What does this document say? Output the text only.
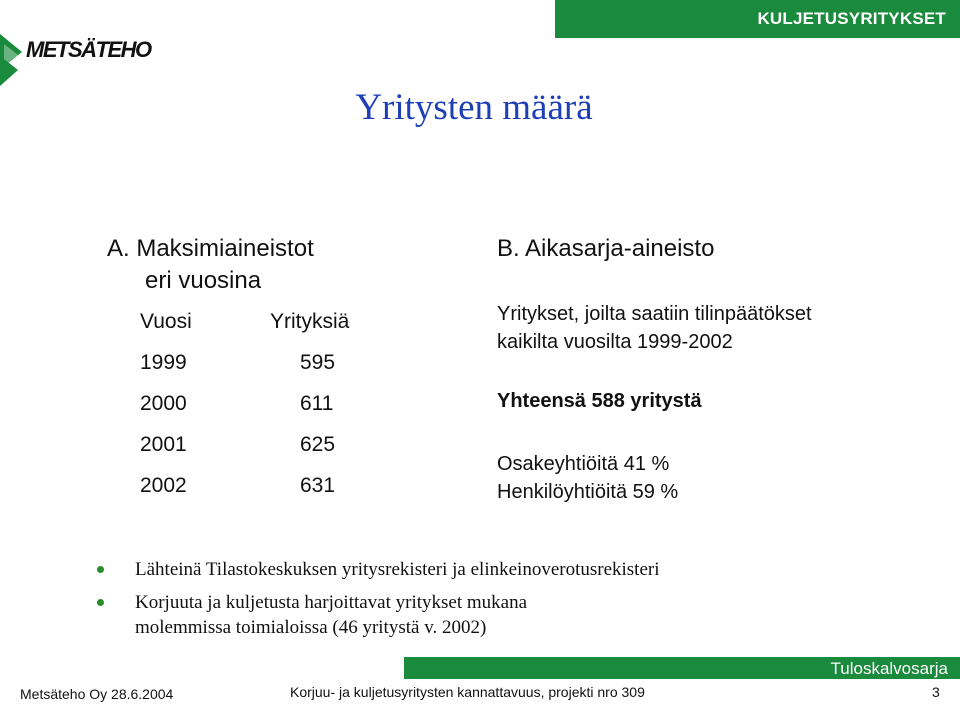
KULJETUSYRITYKSET
METSÄTEHO
Yritysten määrä
A. Maksimiaineistot
eri vuosina
Vuosi	Yrityksiä
1999	595
2000	611
2001	625
2002	631
B. Aikasarja-aineisto
Yritykset, joilta saatiin tilinpäätökset
kaikilta vuosilta 1999-2002
Yhteensä 588 yritystä
Osakeyhtiöitä 41 %
Henkilöyhtiöitä 59 %
Lähteinä Tilastokeskuksen yritysrekisteri ja elinkeinoverotusrekisteri
Korjuuta ja kuljetusta harjoittavat yritykset mukana
molemmissa toimialoissa (46 yritystä v. 2002)
Tuloskalvosarja
Metsäteho Oy 28.6.2004	Korjuu- ja kuljetusyritysten kannattavuus, projekti nro 309	3
